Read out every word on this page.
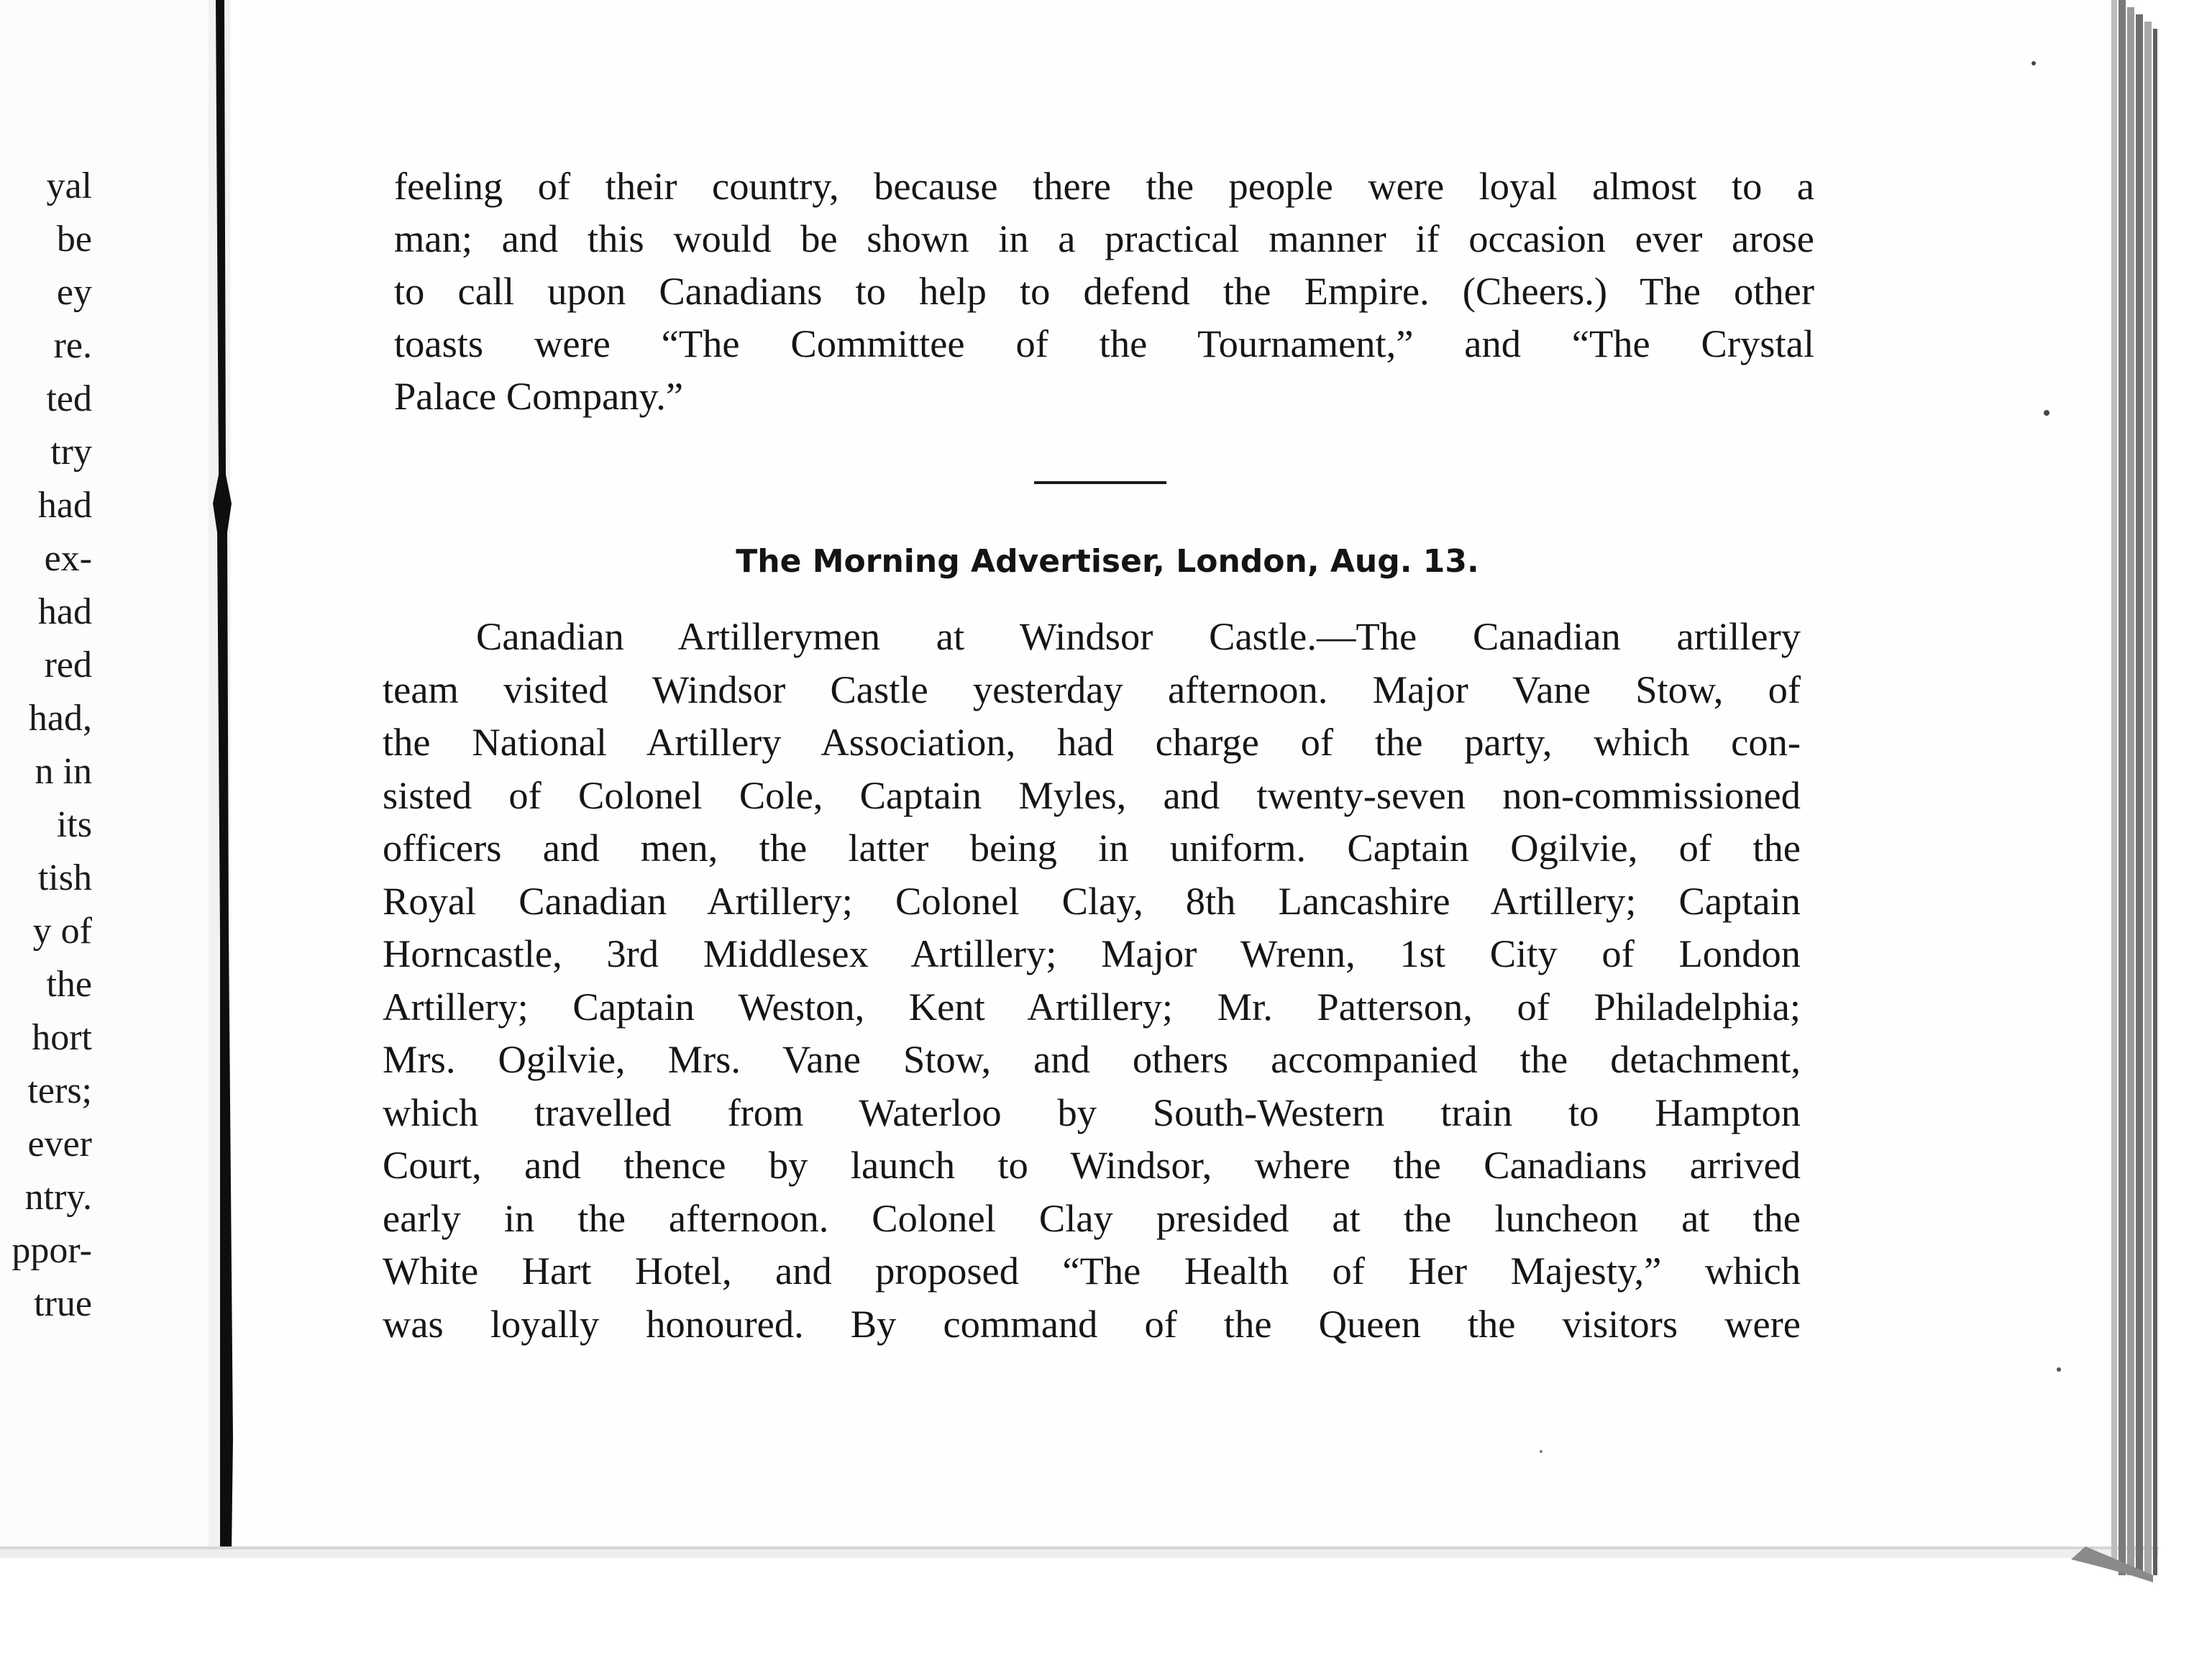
yal
be
ey
re.
ted
try
had
ex-
had
red
had,
n in
its
tish
y of
the
hort
ters;
ever
ntry.
ppor-
true
feeling of their country, because there the people were loyal almost to a
man; and this would be shown in a practical manner if occasion ever arose
to call upon Canadians to help to defend the Empire. (Cheers.) The other
toasts were “The Committee of the Tournament,” and “The Crystal
Palace Company.”
The Morning Advertiser, London, Aug. 13.
Canadian Artillerymen at Windsor Castle.—The Canadian artillery
team visited Windsor Castle yesterday afternoon. Major Vane Stow, of
the National Artillery Association, had charge of the party, which con-
sisted of Colonel Cole, Captain Myles, and twenty-seven non-commissioned
officers and men, the latter being in uniform. Captain Ogilvie, of the
Royal Canadian Artillery; Colonel Clay, 8th Lancashire Artillery; Captain
Horncastle, 3rd Middlesex Artillery; Major Wrenn, 1st City of London
Artillery; Captain Weston, Kent Artillery; Mr. Patterson, of Philadelphia;
Mrs. Ogilvie, Mrs. Vane Stow, and others accompanied the detachment,
which travelled from Waterloo by South-Western train to Hampton
Court, and thence by launch to Windsor, where the Canadians arrived
early in the afternoon. Colonel Clay presided at the luncheon at the
White Hart Hotel, and proposed “The Health of Her Majesty,” which
was loyally honoured. By command of the Queen the visitors were
